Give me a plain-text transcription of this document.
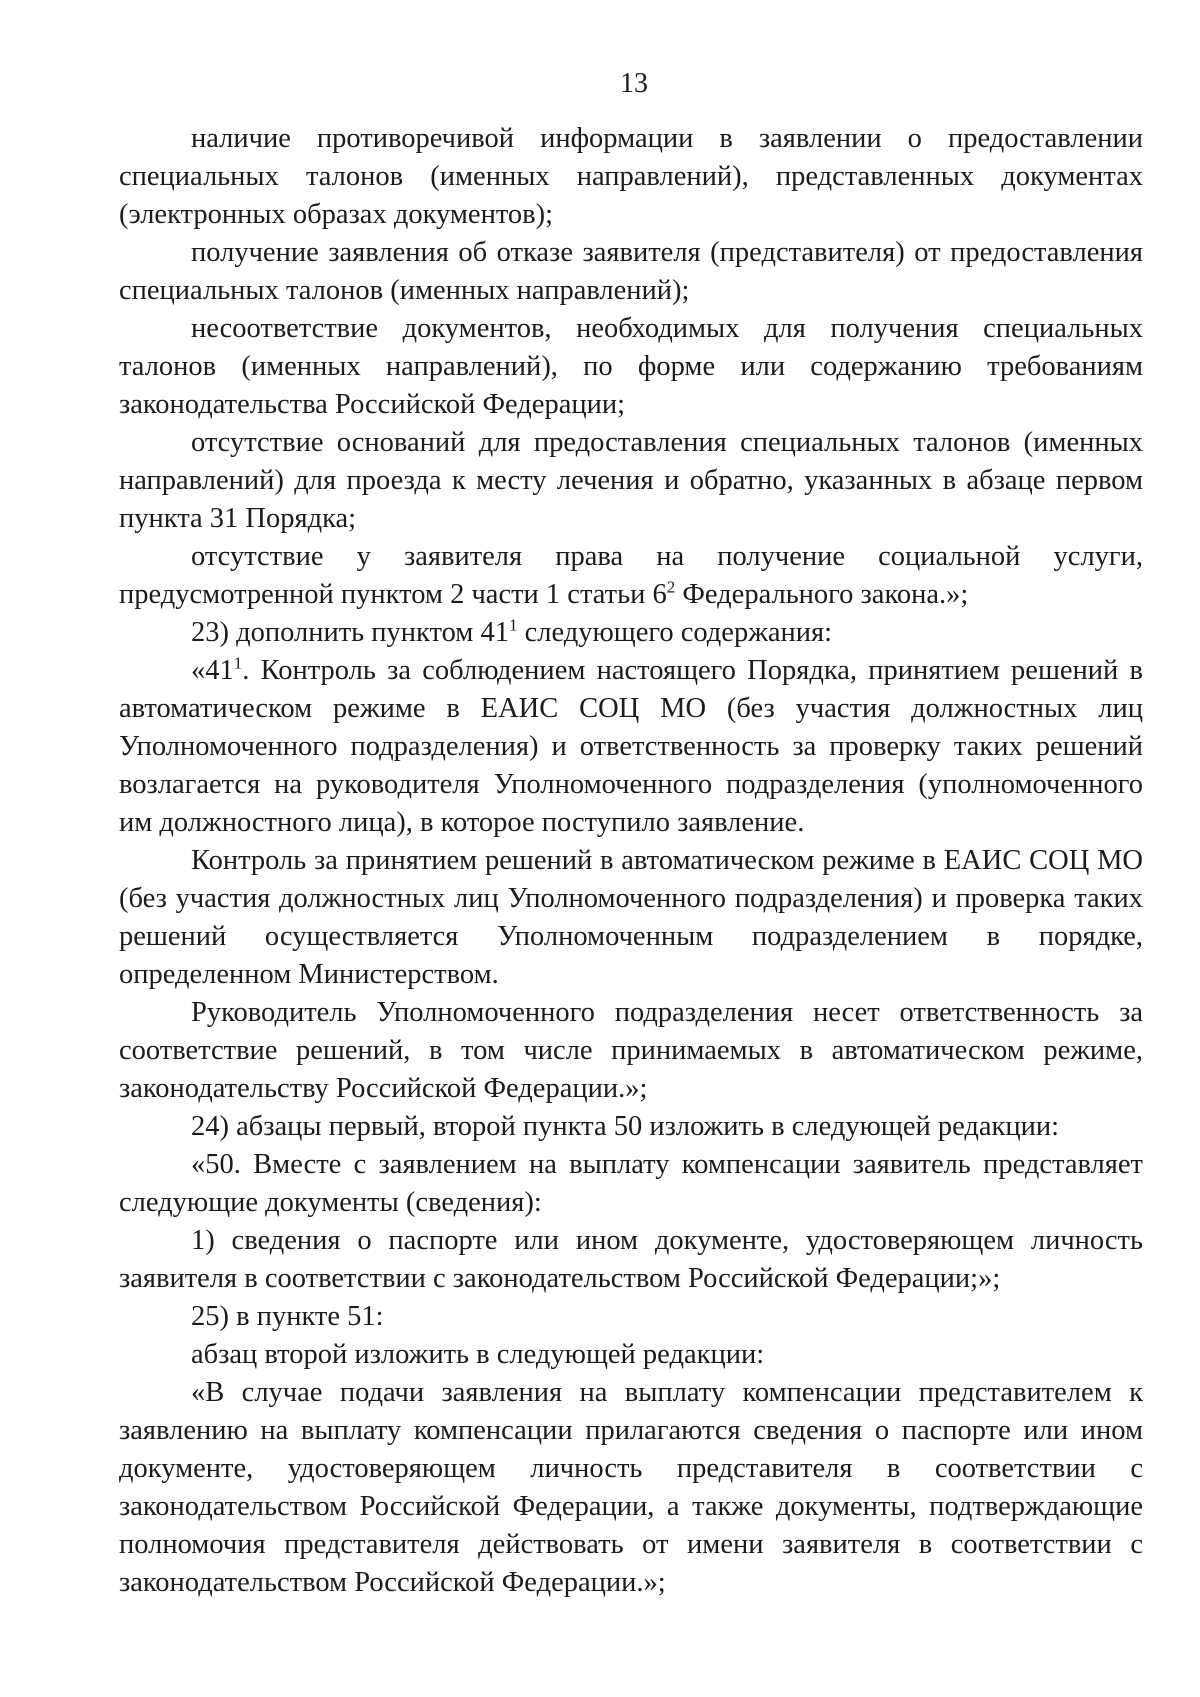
13

наличие противоречивой информации в заявлении о предоставлении специальных талонов (именных направлений), представленных документах (электронных образах документов);

получение заявления об отказе заявителя (представителя) от предоставления специальных талонов (именных направлений);

несоответствие документов, необходимых для получения специальных талонов (именных направлений), по форме или содержанию требованиям законодательства Российской Федерации;

отсутствие оснований для предоставления специальных талонов (именных направлений) для проезда к месту лечения и обратно, указанных в абзаце первом пункта 31 Порядка;

отсутствие у заявителя права на получение социальной услуги, предусмотренной пунктом 2 части 1 статьи $6^2$ Федерального закона.»;

23) дополнить пунктом $41^1$ следующего содержания:

«$41^1$. Контроль за соблюдением настоящего Порядка, принятием решений в автоматическом режиме в ЕАИС СОЦ МО (без участия должностных лиц Уполномоченного подразделения) и ответственность за проверку таких решений возлагается на руководителя Уполномоченного подразделения (уполномоченного им должностного лица), в которое поступило заявление.

Контроль за принятием решений в автоматическом режиме в ЕАИС СОЦ МО (без участия должностных лиц Уполномоченного подразделения) и проверка таких решений осуществляется Уполномоченным подразделением в порядке, определенном Министерством.

Руководитель Уполномоченного подразделения несет ответственность за соответствие решений, в том числе принимаемых в автоматическом режиме, законодательству Российской Федерации.»;

24) абзацы первый, второй пункта 50 изложить в следующей редакции:

«50. Вместе с заявлением на выплату компенсации заявитель представляет следующие документы (сведения):

1) сведения о паспорте или ином документе, удостоверяющем личность заявителя в соответствии с законодательством Российской Федерации;»;

25) в пункте 51:

абзац второй изложить в следующей редакции:

«В случае подачи заявления на выплату компенсации представителем к заявлению на выплату компенсации прилагаются сведения о паспорте или ином документе, удостоверяющем личность представителя в соответствии с законодательством Российской Федерации, а также документы, подтверждающие полномочия представителя действовать от имени заявителя в соответствии с законодательством Российской Федерации.»;
